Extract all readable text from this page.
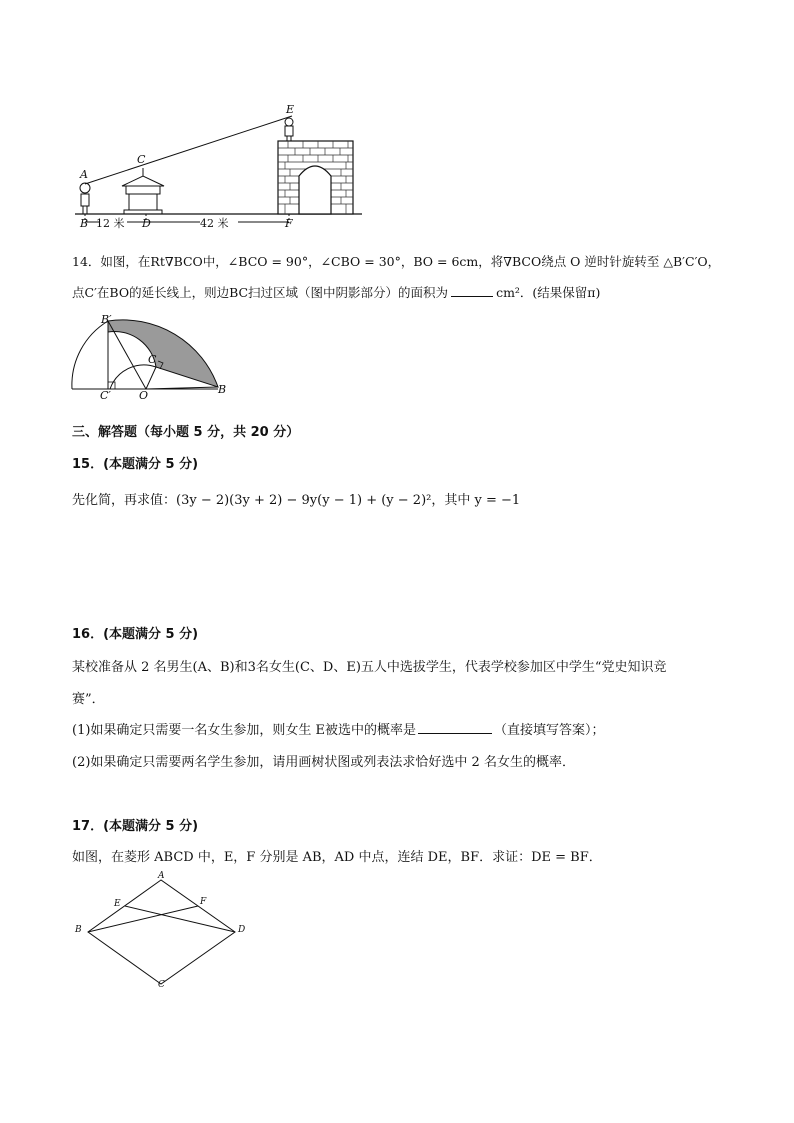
A
B
C
D
E
F
12 米	42 米
14．如图，在Rt∇BCO中，∠BCO = 90°，∠CBO = 30°，BO = 6cm，将∇BCO绕点 O 逆时针旋转至 △B′C′O，
点C′在BO的延长线上，则边BC扫过区域（图中阴影部分）的面积为	cm²．(结果保留π)
B′
C
C′	O	B
三、解答题（每小题 5 分，共 20 分）
15．(本题满分 5 分)
先化简，再求值：(3y − 2)(3y + 2) − 9y(y − 1) + (y − 2)²，其中 y = −1
16．(本题满分 5 分)
某校准备从 2 名男生(A、B)和3名女生(C、D、E)五人中选拔学生，代表学校参加区中学生“党史知识竞
赛”．
(1)如果确定只需要一名女生参加，则女生 E被选中的概率是	（直接填写答案）；
(2)如果确定只需要两名学生参加，请用画树状图或列表法求恰好选中 2 名女生的概率．
17．(本题满分 5 分)
如图，在菱形 ABCD 中，E，F 分别是 AB，AD 中点，连结 DE，BF．求证：DE = BF．
A
E	F
B	D
C
